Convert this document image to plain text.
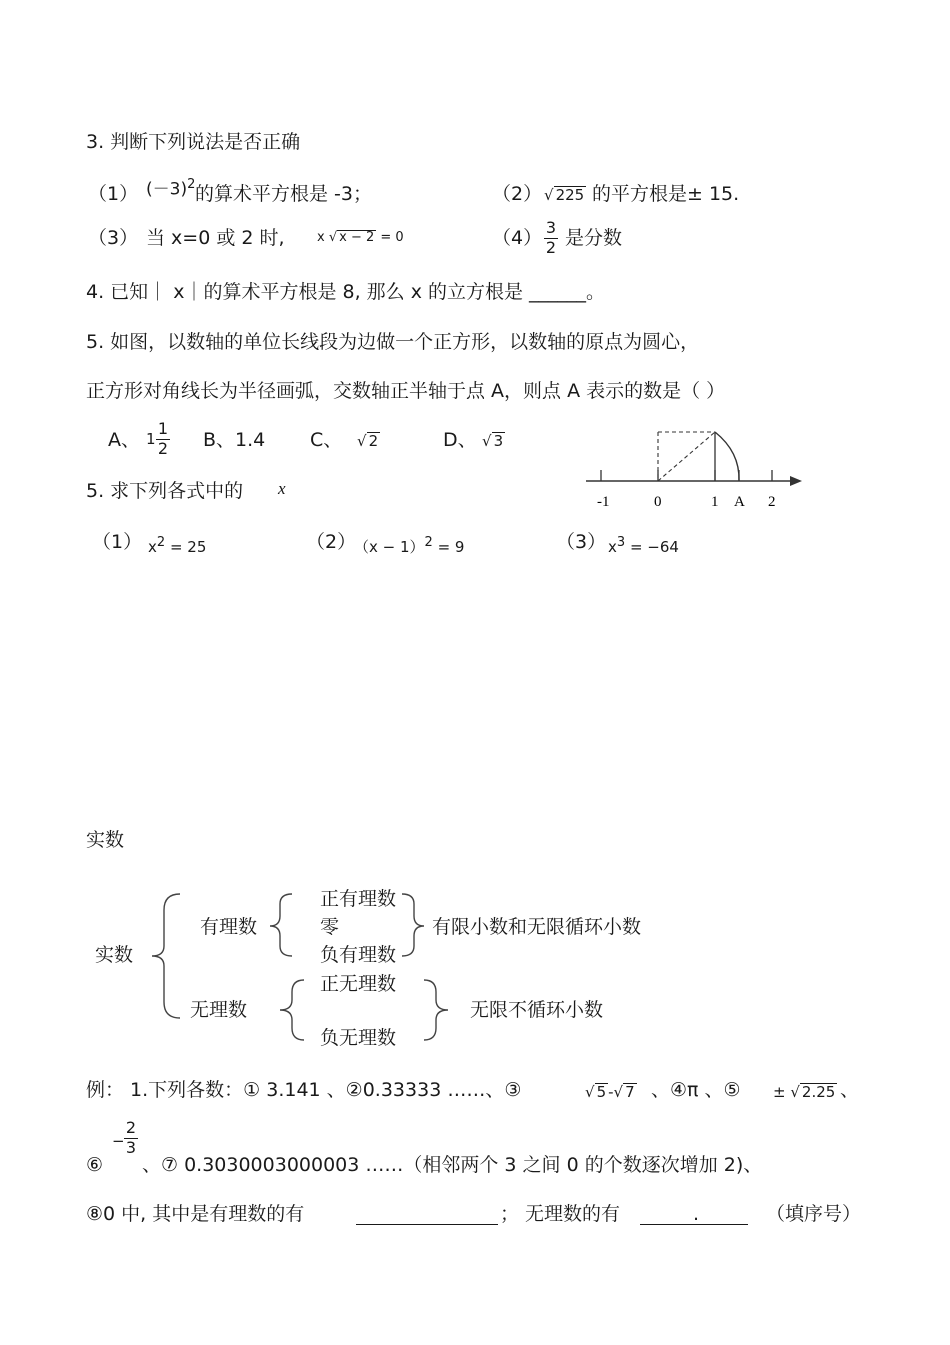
3. 判断下列说法是否正确
（1） $(-3)^2$ 的算术平方根是 -3；	（2） √ 225 的平方根是± 15.
（3） 当 x=0 或 2 时, x √ x − 2 = 0	（4） 3
2 是分数
4. 已知｜ x｜的算术平方根是 8, 那么 x 的立方根是 ______。
5. 如图，以数轴的单位长线段为边做一个正方形，以数轴的原点为圆心，
正方形对角线长为半径画弧，交数轴正半轴于点 A，则点 A 表示的数是（ ）
A、 1
1
2 B、1.4 C、 √ 2	D、 √ 3
-1	0	1 A 2
5. 求下列各式中的 x
（1） $x^2 = 25$	（2）
$(x - 1)^2 = 9$	（3） $x^3 = -64$
实数
实数
有理数
正有理数
零
负有理数
有限小数和无限循环小数
无理数
正无理数
负无理数
无限不循环小数
例： 1.下列各数：① 3.141 、②0.33333 ……、③	√ 5 -√ 7 、④π 、⑤ ± √ 2.25 、
⑥
−
2
3
、⑦ 0.3030003000003 ……（相邻两个 3 之间 0 的个数逐次增加 2)、
⑧0 中, 其中是有理数的有	； 无理数的有	.	（填序号）
